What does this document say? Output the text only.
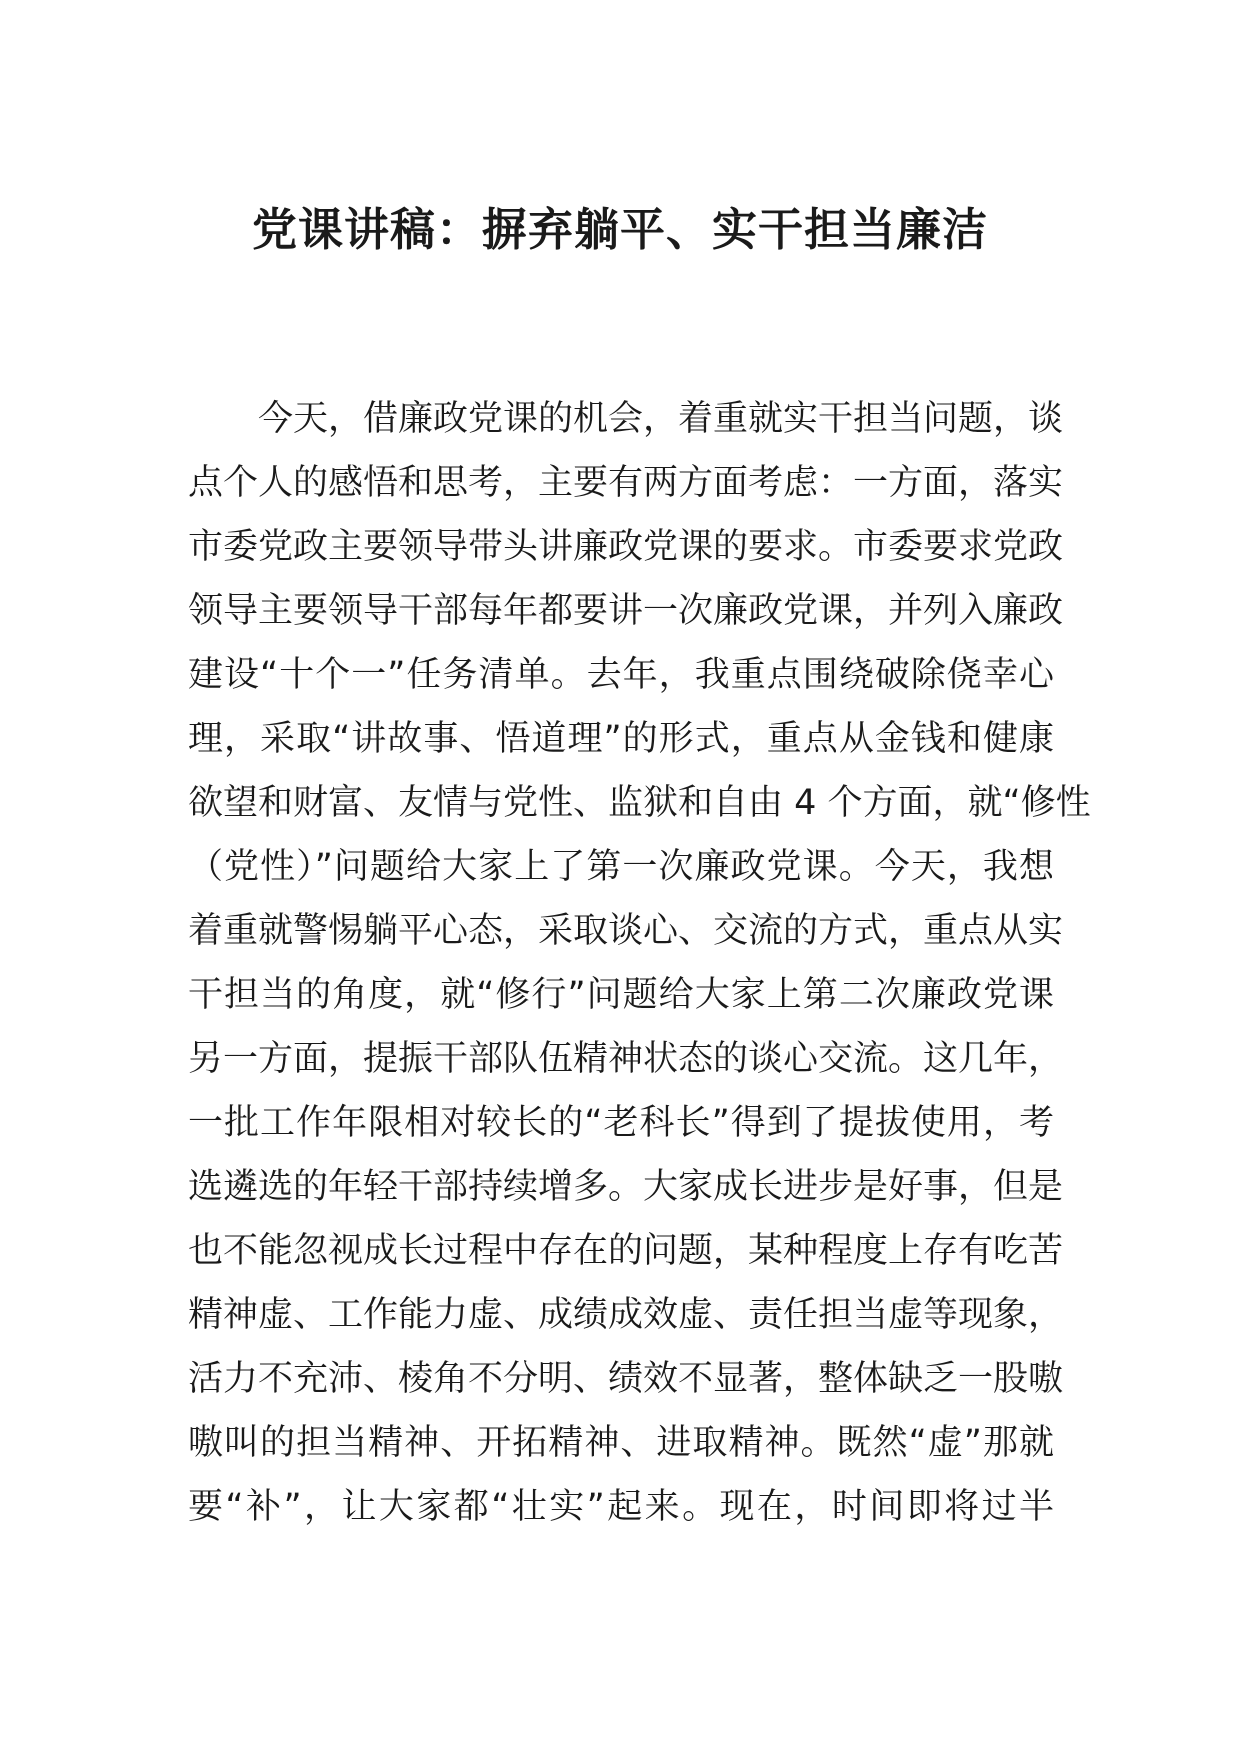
党课讲稿：摒弃躺平、实干担当廉洁
今天，借廉政党课的机会，着重就实干担当问题，谈
点个人的感悟和思考，主要有两方面考虑：一方面，落实
市委党政主要领导带头讲廉政党课的要求。市委要求党政
领导主要领导干部每年都要讲一次廉政党课，并列入廉政
建设“十个一”任务清单。去年，我重点围绕破除侥幸心
理，采取“讲故事、悟道理”的形式，重点从金钱和健康
欲望和财富、友情与党性、监狱和自由 4 个方面，就“修性
（党性）”问题给大家上了第一次廉政党课。今天，我想
着重就警惕躺平心态，采取谈心、交流的方式，重点从实
干担当的角度，就“修行”问题给大家上第二次廉政党课
另一方面，提振干部队伍精神状态的谈心交流。这几年，
一批工作年限相对较长的“老科长”得到了提拔使用，考
选遴选的年轻干部持续增多。大家成长进步是好事，但是
也不能忽视成长过程中存在的问题，某种程度上存有吃苦
精神虚、工作能力虚、成绩成效虚、责任担当虚等现象，
活力不充沛、棱角不分明、绩效不显著，整体缺乏一股嗷
嗷叫的担当精神、开拓精神、进取精神。既然“虚”那就
要“补”，让大家都“壮实”起来。现在，时间即将过半
